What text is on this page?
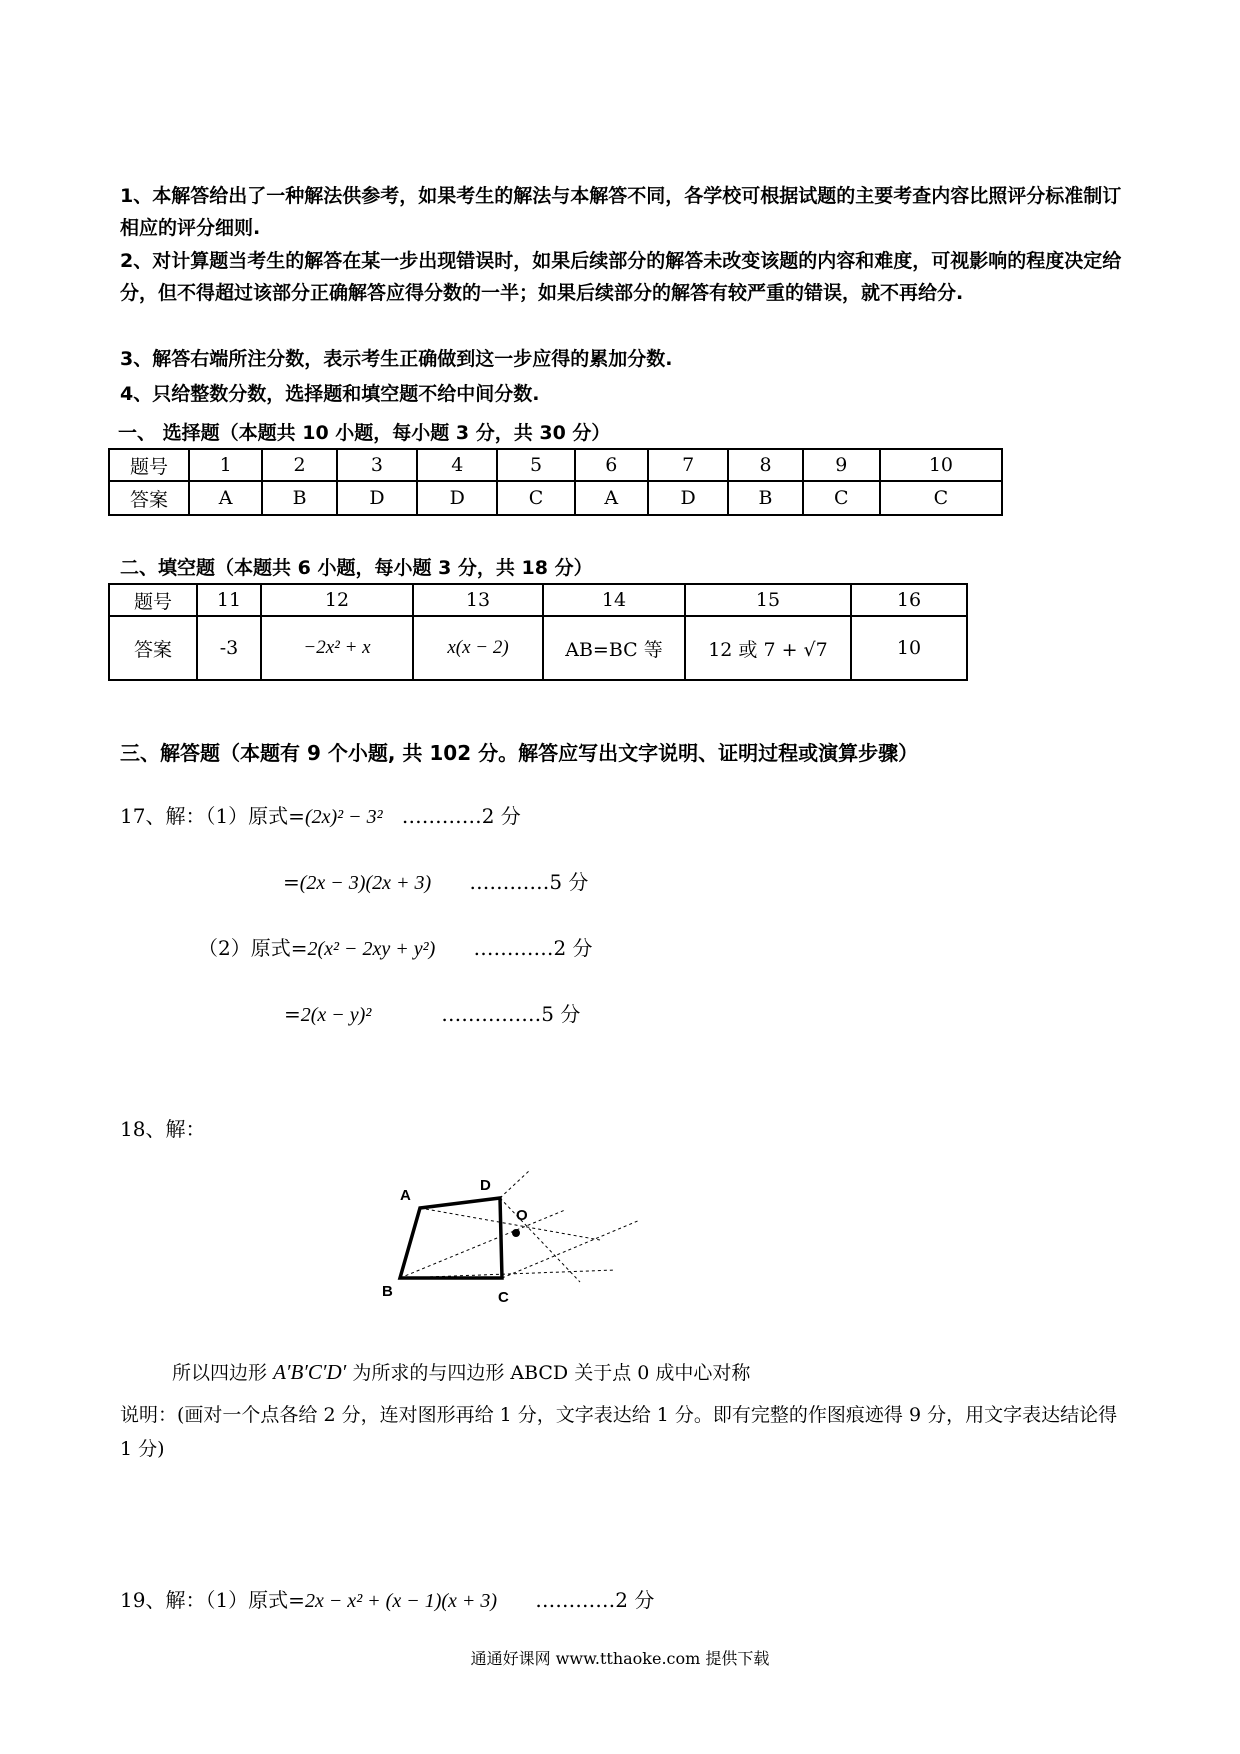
1、本解答给出了一种解法供参考，如果考生的解法与本解答不同，各学校可根据试题的主要考查内容比照评分标准制订相应的评分细则.
2、对计算题当考生的解答在某一步出现错误时，如果后续部分的解答未改变该题的内容和难度，可视影响的程度决定给分，但不得超过该部分正确解答应得分数的一半；如果后续部分的解答有较严重的错误，就不再给分.
3、解答右端所注分数，表示考生正确做到这一步应得的累加分数.
4、只给整数分数，选择题和填空题不给中间分数.
一、 选择题（本题共 10 小题，每小题 3 分，共 30 分）
题号	1	2	3	4	5	6	7	8	9	10
答案	A	B	D	D	C	A	D	B	C	C
二、填空题（本题共 6 小题，每小题 3 分，共 18 分）
题号	11	12	13	14	15	16
答案	-3	−2x² + x	x(x − 2)	AB=BC 等	12 或 7 + √7	10
三、解答题（本题有 9 个小题, 共 102 分。解答应写出文字说明、证明过程或演算步骤）
17、解：（1）原式=(2x)² − 3² …………2 分
=(2x − 3)(2x + 3) …………5 分
（2）原式=2(x² − 2xy + y²) …………2 分
=2(x − y)²	……………5 分
18、解：
A
D
O
B	C
所以四边形 A′B′C′D′ 为所求的与四边形 ABCD 关于点 0 成中心对称
说明：(画对一个点各给 2 分，连对图形再给 1 分，文字表达给 1 分。即有完整的作图痕迹得 9 分，用文字表达结论得 1 分)
19、解：（1）原式=2x − x² + (x − 1)(x + 3) …………2 分
通通好课网 www.tthaoke.com 提供下载
